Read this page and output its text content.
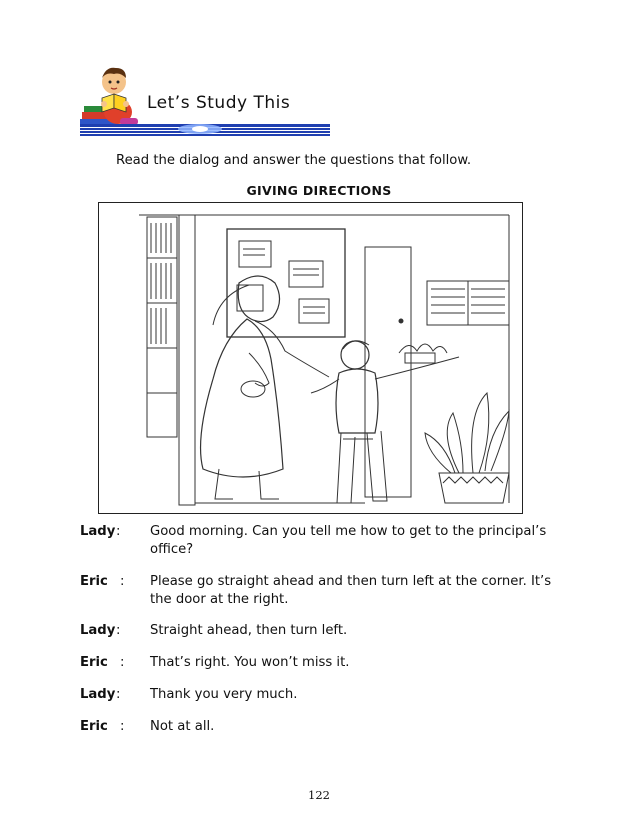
Let’s Study This
Read the dialog and answer the questions that follow.
GIVING DIRECTIONS
Lady : Good morning. Can you tell me how to get to the principal’s office?
Eric : Please go straight ahead and then turn left at the corner. It’s the door at the right.
Lady : Straight ahead, then turn left.
Eric : That’s right. You won’t miss it.
Lady : Thank you very much.
Eric : Not at all.
122
